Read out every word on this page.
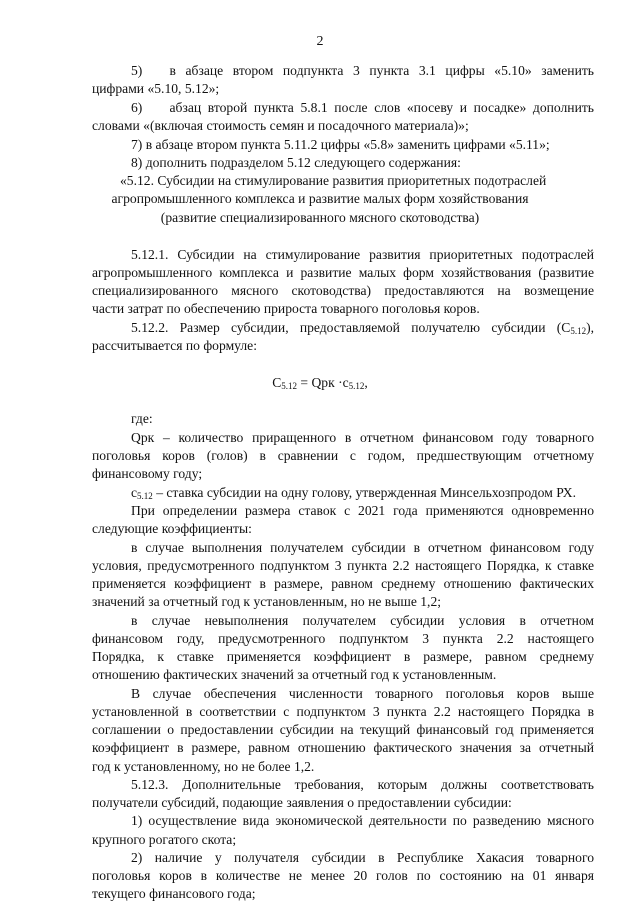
2
5)  в абзаце втором подпункта 3 пункта 3.1 цифры «5.10» заменить
цифрами «5.10, 5.12»;
6)  абзац второй пункта 5.8.1 после слов «посеву и посадке» дополнить
словами «(включая стоимость семян и посадочного материала)»;
7) в абзаце втором пункта 5.11.2 цифры «5.8» заменить цифрами «5.11»;
8) дополнить подразделом 5.12 следующего содержания:
«5.12. Субсидии на стимулирование развития приоритетных подотраслей
агропромышленного комплекса и развитие малых форм хозяйствования
(развитие специализированного мясного скотоводства)
5.12.1. Субсидии на стимулирование развития приоритетных подотраслей
агропромышленного комплекса и развитие малых форм хозяйствования (развитие
специализированного мясного скотоводства) предоставляются на возмещение
части затрат по обеспечению прироста товарного поголовья коров.
5.12.2. Размер субсидии, предоставляемой получателю субсидии $(С_{5.12})$,
рассчитывается по формуле:
$С_{5.12}$ = Qрк $\cdot с_{5.12}$,
где:
Qрк – количество приращенного в отчетном финансовом году товарного
поголовья коров (голов) в сравнении с годом, предшествующим отчетному
финансовому году;
$с_{5.12}$ – ставка субсидии на одну голову, утвержденная Минсельхозпродом РХ.
При определении размера ставок с 2021 года применяются одновременно
следующие коэффициенты:
в случае выполнения получателем субсидии в отчетном финансовом году
условия, предусмотренного подпунктом 3 пункта 2.2 настоящего Порядка, к ставке
применяется коэффициент в размере, равном среднему отношению фактических
значений за отчетный год к установленным, но не выше 1,2;
в случае невыполнения получателем субсидии условия в отчетном
финансовом году, предусмотренного подпунктом 3 пункта 2.2 настоящего
Порядка, к ставке применяется коэффициент в размере, равном среднему
отношению фактических значений за отчетный год к установленным.
В случае обеспечения численности товарного поголовья коров выше
установленной в соответствии с подпунктом 3 пункта 2.2 настоящего Порядка в
соглашении о предоставлении субсидии на текущий финансовый год применяется
коэффициент в размере, равном отношению фактического значения за отчетный
год к установленному, но не более 1,2.
5.12.3. Дополнительные требования, которым должны соответствовать
получатели субсидий, подающие заявления о предоставлении субсидии:
1) осуществление вида экономической деятельности по разведению мясного
крупного рогатого скота;
2) наличие у получателя субсидии в Республике Хакасия товарного
поголовья коров в количестве не менее 20 голов по состоянию на 01 января
текущего финансового года;
